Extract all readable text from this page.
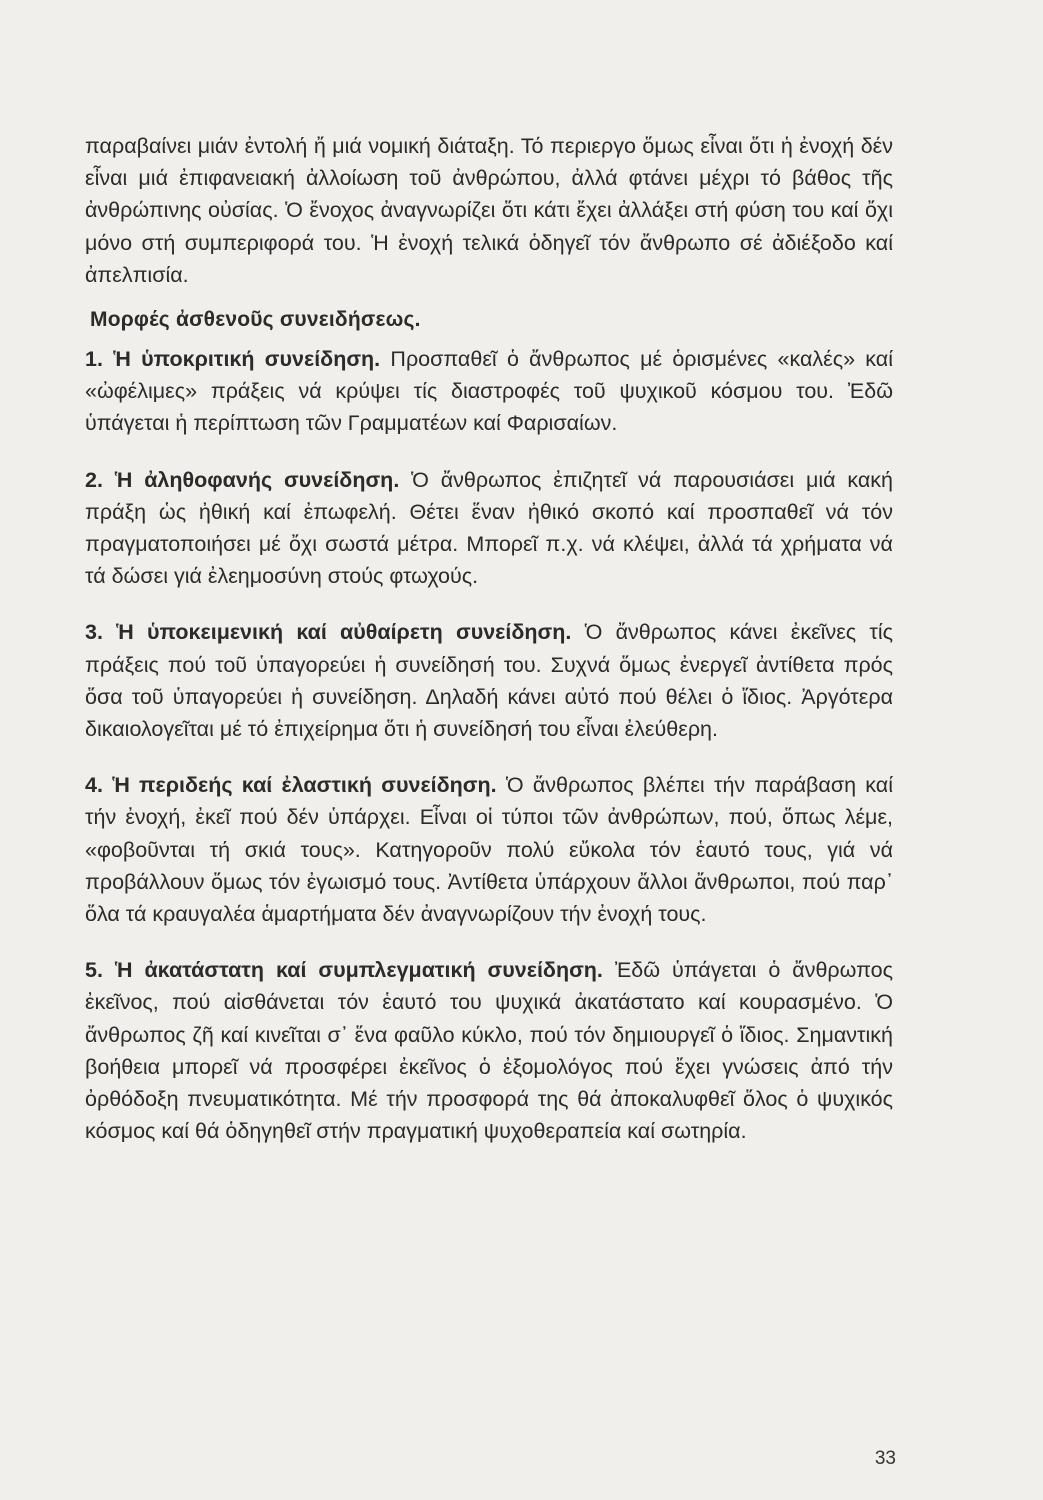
παραβαίνει μιάν ἐντολή ἤ μιά νομική διάταξη. Τό περιεργο ὅμως εἶναι ὅτι ἡ ἐνοχή δέν εἶναι μιά ἐπιφανειακή ἀλλοίωση τοῦ ἀνθρώπου, ἀλλά φτάνει μέχρι τό βάθος τῆς ἀνθρώπινης οὐσίας. Ὁ ἔνοχος ἀναγνωρίζει ὅτι κάτι ἔχει ἀλλάξει στή φύση του καί ὄχι μόνο στή συμπεριφορά του. Ἡ ἐνοχή τελικά ὁδηγεῖ τόν ἄνθρωπο σέ ἀδιέξοδο καί ἀπελπισία.

Μορφές ἀσθενοῦς συνειδήσεως.
1. Ἡ ὑποκριτική συνείδηση. Προσπαθεῖ ὁ ἄνθρωπος μέ ὁρισμένες «καλές» καί «ὠφέλιμες» πράξεις νά κρύψει τίς διαστροφές τοῦ ψυχικοῦ κόσμου του. Ἐδῶ ὑπάγεται ἡ περίπτωση τῶν Γραμματέων καί Φαρισαίων.
2. Ἡ ἀληθοφανής συνείδηση. Ὁ ἄνθρωπος ἐπιζητεῖ νά παρουσιάσει μιά κακή πράξη ὡς ἠθική καί ἐπωφελή. Θέτει ἕναν ἠθικό σκοπό καί προσπαθεῖ νά τόν πραγματοποιήσει μέ ὄχι σωστά μέτρα. Μπορεῖ π.χ. νά κλέψει, ἀλλά τά χρήματα νά τά δώσει γιά ἐλεημοσύνη στούς φτωχούς.
3. Ἡ ὑποκειμενική καί αὐθαίρετη συνείδηση. Ὁ ἄνθρωπος κάνει ἐκεῖνες τίς πράξεις πού τοῦ ὑπαγορεύει ἡ συνείδησή του. Συχνά ὅμως ἐνεργεῖ ἀντίθετα πρός ὅσα τοῦ ὑπαγορεύει ἡ συνείδηση. Δηλαδή κάνει αὐτό πού θέλει ὁ ἴδιος. Ἀργότερα δικαιολογεῖται μέ τό ἐπιχείρημα ὅτι ἡ συνείδησή του εἶναι ἐλεύθερη.
4. Ἡ περιδεής καί ἐλαστική συνείδηση. Ὁ ἄνθρωπος βλέπει τήν παράβαση καί τήν ἐνοχή, ἐκεῖ πού δέν ὑπάρχει. Εἶναι οἱ τύποι τῶν ἀνθρώπων, πού, ὅπως λέμε, «φοβοῦνται τή σκιά τους». Κατηγοροῦν πολύ εὔκολα τόν ἑαυτό τους, γιά νά προβάλλουν ὅμως τόν ἐγωισμό τους. Ἀντίθετα ὑπάρχουν ἄλλοι ἄνθρωποι, πού παρ᾽ ὅλα τά κραυγαλέα ἁμαρτήματα δέν ἀναγνωρίζουν τήν ἐνοχή τους.
5. Ἡ ἀκατάστατη καί συμπλεγματική συνείδηση. Ἐδῶ ὑπάγεται ὁ ἄνθρωπος ἐκεῖνος, πού αἰσθάνεται τόν ἑαυτό του ψυχικά ἀκατάστατο καί κουρασμένο. Ὁ ἄνθρωπος ζῆ καί κινεῖται σ᾽ ἕνα φαῦλο κύκλο, πού τόν δημιουργεῖ ὁ ἴδιος. Σημαντική βοήθεια μπορεῖ νά προσφέρει ἐκεῖνος ὁ ἐξομολόγος πού ἔχει γνώσεις ἀπό τήν ὀρθόδοξη πνευματικότητα. Μέ τήν προσφορά της θά ἀποκαλυφθεῖ ὅλος ὁ ψυχικός κόσμος καί θά ὁδηγηθεῖ στήν πραγματική ψυχοθεραπεία καί σωτηρία.
33
